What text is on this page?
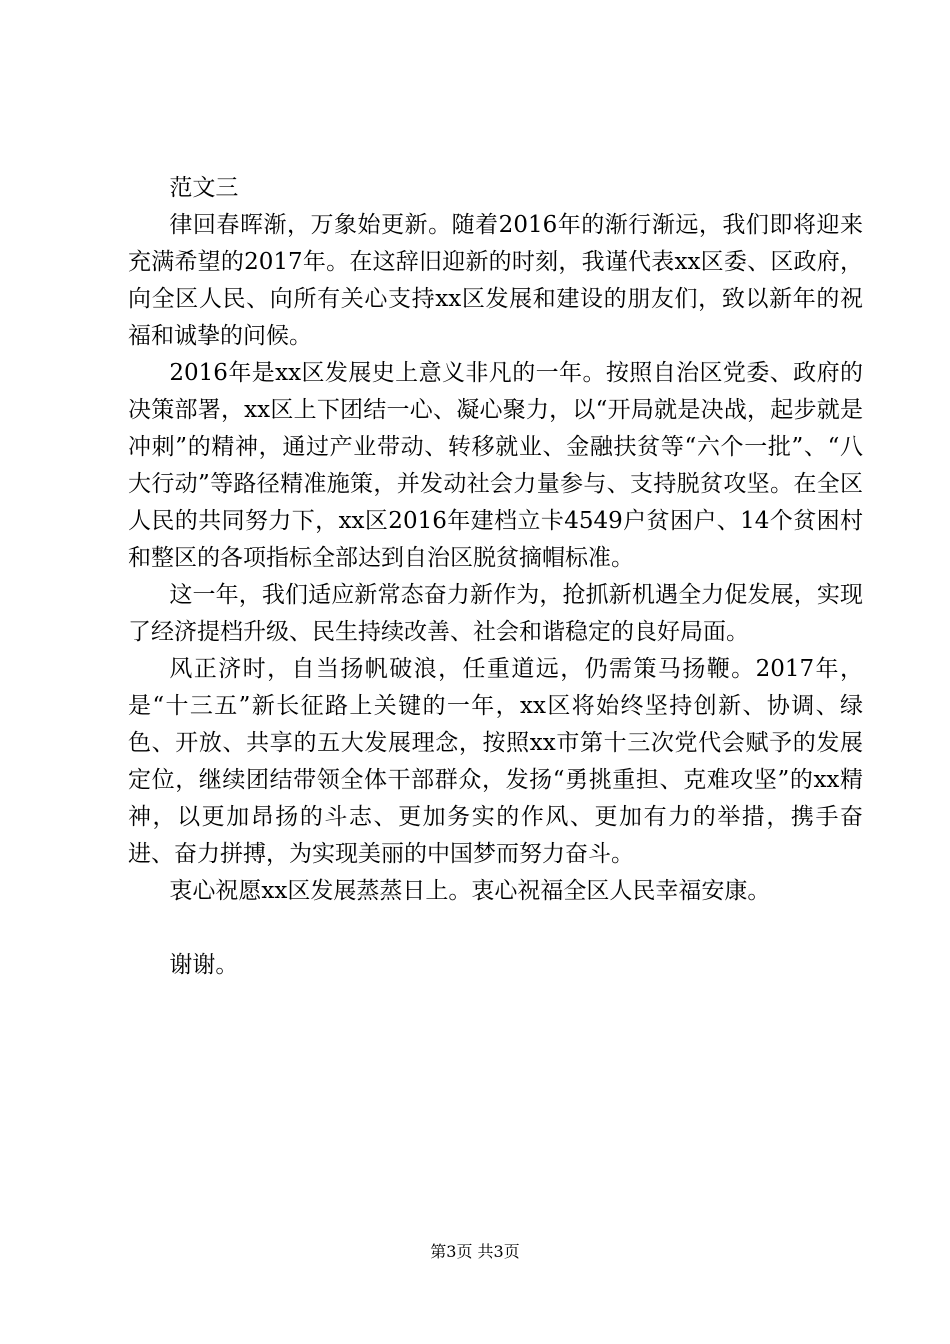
范文三

律回春晖渐，万象始更新。随着2016年的渐行渐远，我们即将迎来充满希望的2017年。在这辞旧迎新的时刻，我谨代表xx区委、区政府，向全区人民、向所有关心支持xx区发展和建设的朋友们，致以新年的祝福和诚挚的问候。

2016年是xx区发展史上意义非凡的一年。按照自治区党委、政府的决策部署，xx区上下团结一心、凝心聚力，以“开局就是决战，起步就是冲刺”的精神，通过产业带动、转移就业、金融扶贫等“六个一批”、“八大行动”等路径精准施策，并发动社会力量参与、支持脱贫攻坚。在全区人民的共同努力下，xx区2016年建档立卡4549户贫困户、14个贫困村和整区的各项指标全部达到自治区脱贫摘帽标准。

这一年，我们适应新常态奋力新作为，抢抓新机遇全力促发展，实现了经济提档升级、民生持续改善、社会和谐稳定的良好局面。

风正济时，自当扬帆破浪，任重道远，仍需策马扬鞭。2017年，是“十三五”新长征路上关键的一年，xx区将始终坚持创新、协调、绿色、开放、共享的五大发展理念，按照xx市第十三次党代会赋予的发展定位，继续团结带领全体干部群众，发扬“勇挑重担、克难攻坚”的xx精神，以更加昂扬的斗志、更加务实的作风、更加有力的举措，携手奋进、奋力拼搏，为实现美丽的中国梦而努力奋斗。

衷心祝愿xx区发展蒸蒸日上。衷心祝福全区人民幸福安康。

谢谢。

第3页 共3页
